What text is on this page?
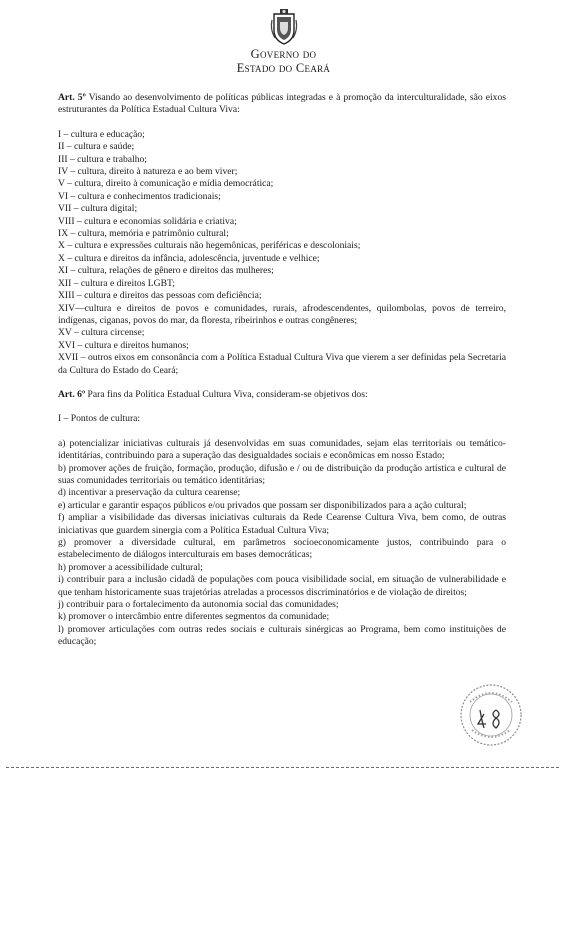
Governo do
Estado do Ceará

Art. 5º Visando ao desenvolvimento de políticas públicas integradas e à promoção da interculturalidade, são eixos estruturantes da Política Estadual Cultura Viva:

I – cultura e educação;
II – cultura e saúde;
III – cultura e trabalho;
IV – cultura, direito à natureza e ao bem viver;
V – cultura, direito à comunicação e mídia democrática;
VI – cultura e conhecimentos tradicionais;
VII – cultura digital;
VIII – cultura e economias solidária e criativa;
IX – cultura, memória e patrimônio cultural;
X – cultura e expressões culturais não hegemônicas, periféricas e descoloniais;
X – cultura e direitos da infância, adolescência, juventude e velhice;
XI – cultura, relações de gênero e direitos das mulheres;
XII – cultura e direitos LGBT;
XIII – cultura e direitos das pessoas com deficiência;
XIV—cultura e direitos de povos e comunidades, rurais, afrodescendentes, quilombolas, povos de terreiro, indígenas, ciganas, povos do mar, da floresta, ribeirinhos e outras congêneres;
XV – cultura circense;
XVI – cultura e direitos humanos;
XVII – outros eixos em consonância com a Política Estadual Cultura Viva que vierem a ser definidas pela Secretaria da Cultura do Estado do Ceará;

Art. 6º Para fins da Política Estadual Cultura Viva, consideram-se objetivos dos:

I – Pontos de cultura:

a) potencializar iniciativas culturais já desenvolvidas em suas comunidades, sejam elas territoriais ou temático-identitárias, contribuindo para a superação das desigualdades sociais e econômicas em nosso Estado;
b) promover ações de fruição, formação, produção, difusão e / ou de distribuição da produção artística e cultural de suas comunidades territoriais ou temático identitárias;
d) incentivar a preservação da cultura cearense;
e) articular e garantir espaços públicos e/ou privados que possam ser disponibilizados para a ação cultural;
f) ampliar a visibilidade das diversas iniciativas culturais da Rede Cearense Cultura Viva, bem como, de outras iniciativas que guardem sinergia com a Política Estadual Cultura Viva;
g) promover a diversidade cultural, em parâmetros socioeconomicamente justos, contribuindo para o estabelecimento de diálogos interculturais em bases democráticas;
h) promover a acessibilidade cultural;
i) contribuir para a inclusão cidadã de populações com pouca visibilidade social, em situação de vulnerabilidade e que tenham historicamente suas trajetórias atreladas a processos discriminatórios e de violação de direitos;
j) contribuir para o fortalecimento da autonomia social das comunidades;
k) promover o intercâmbio entre diferentes segmentos da comunidade;
l) promover articulações com outras redes sociais e culturais sinérgicas ao Programa, bem como instituições de educação;
